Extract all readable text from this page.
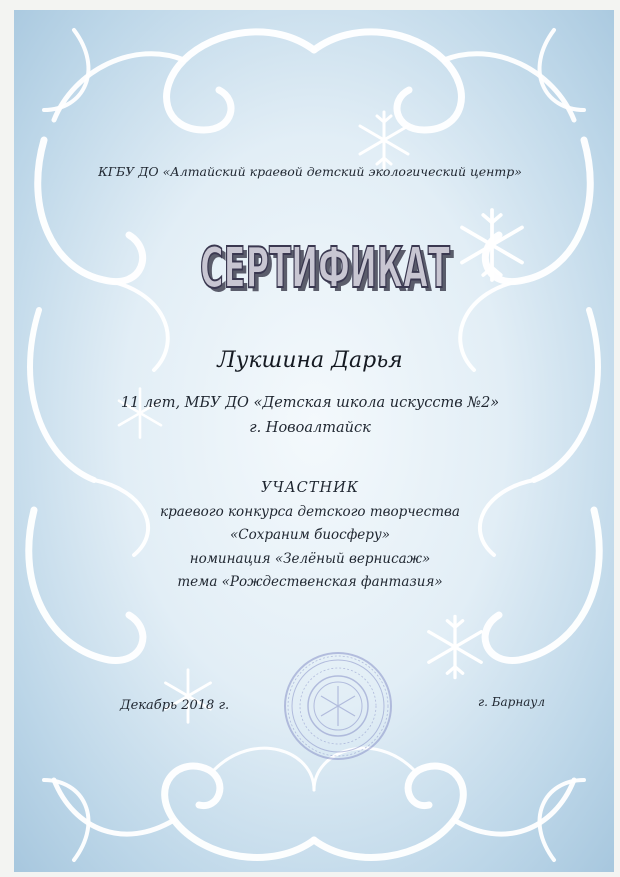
КГБУ ДО «Алтайский краевой детский экологический центр»
СЕРТИФИКАТ
СЕРТИФИКАТ
Лукшина Дарья
11 лет, МБУ ДО «Детская школа искусств №2»
г. Новоалтайск
УЧАСТНИК
краевого конкурса детского творчества
«Сохраним биосферу»
номинация «Зелёный вернисаж»
тема «Рождественская фантазия»
Декабрь 2018 г.	г. Барнаул
